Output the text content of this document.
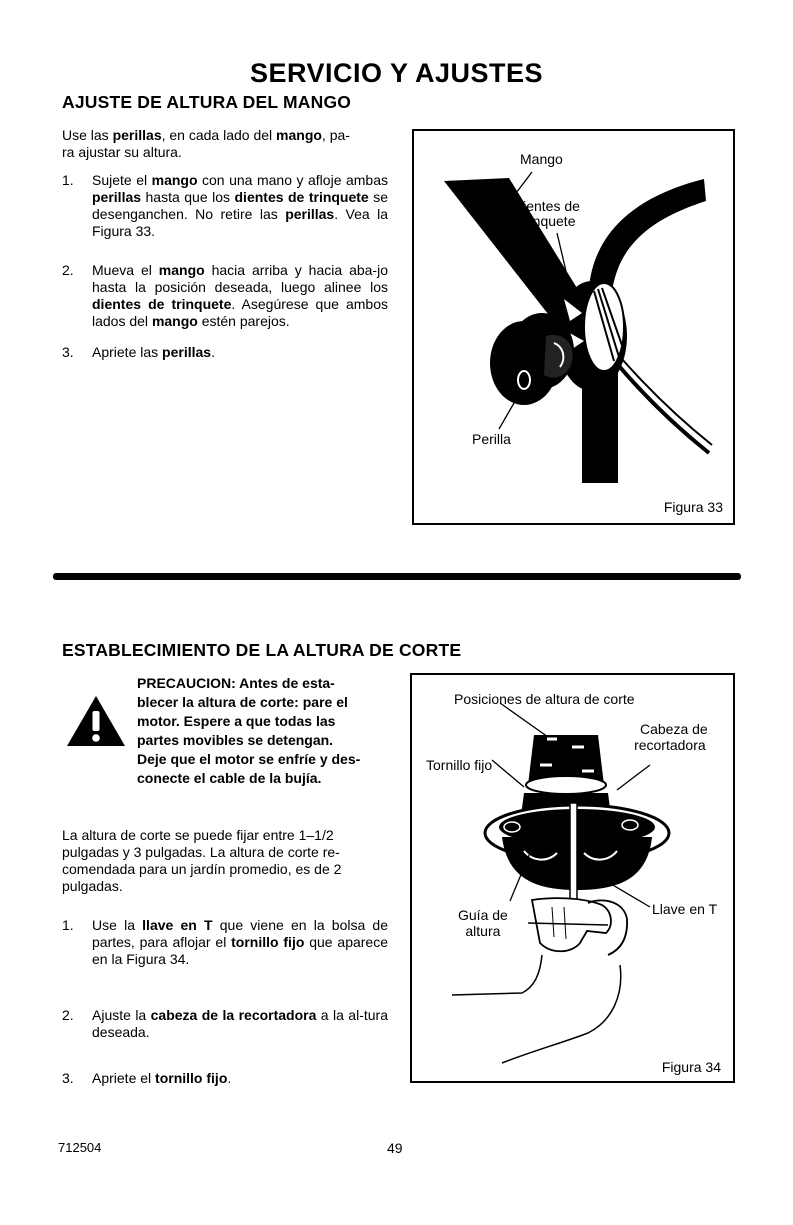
SERVICIO Y AJUSTES
AJUSTE DE ALTURA DEL MANGO
Use las perillas, en cada lado del mango, pa-
ra ajustar su altura.
1. Sujete el mango con una mano y afloje ambas perillas hasta que los dientes de trinquete se desenganchen. No retire las perillas. Vea la Figura 33.
2. Mueva el mango hacia arriba y hacia aba-jo hasta la posición deseada, luego alinee los dientes de trinquete. Asegúrese que ambos lados del mango estén parejos.
3. Apriete las perillas.
Mango
Dientes de
trinquete
Perilla
Figura 33
ESTABLECIMIENTO DE LA ALTURA DE CORTE
PRECAUCION: Antes de esta-
blecer la altura de corte: pare el
motor. Espere a que todas las
partes movibles se detengan.
Deje que el motor se enfríe y des-
conecte el cable de la bujía.
La altura de corte se puede fijar entre 1–1/2
pulgadas y 3 pulgadas. La altura de corte re-
comendada para un jardín promedio, es de 2
pulgadas.
1. Use la llave en T que viene en la bolsa de partes, para aflojar el tornillo fijo que aparece en la Figura 34.
2. Ajuste la cabeza de la recortadora a la al-tura deseada.
3. Apriete el tornillo fijo.
Posiciones de altura de corte
Cabeza de
recortadora
Tornillo fijo
Guía de
altura
Llave en T
Figura 34
712504	49
